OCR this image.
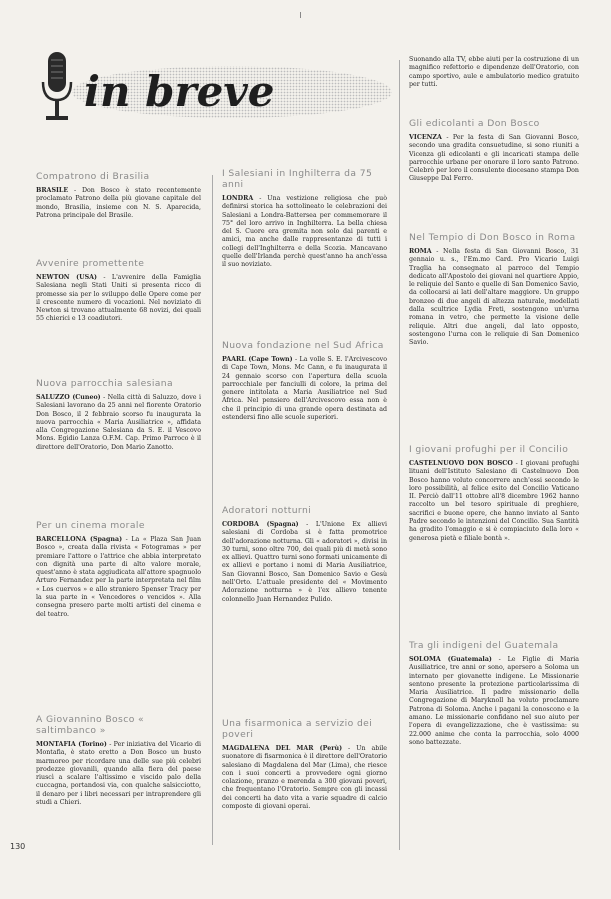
in breve
Compatrono di Brasilia

BRASILE - Don Bosco è stato recentemente proclamato Patrono della più giovane capitale del mondo, Brasilia, insieme con N. S. Aparecida, Patrona principale del Brasile.

Avvenire promettente

NEWTON (USA) - L'avvenire della Famiglia Salesiana negli Stati Uniti si presenta ricco di promesse sia per lo sviluppo delle Opere come per il crescente numero di vocazioni. Nel noviziato di Newton si trovano attualmente 68 novizi, dei quali 55 chierici e 13 coadiutori.

Nuova parrocchia salesiana

SALUZZO (Cuneo) - Nella città di Saluzzo, dove i Salesiani lavorano da 25 anni nel fiorente Oratorio Don Bosco, il 2 febbraio scorso fu inaugurata la nuova parrocchia « Maria Ausiliatrice », affidata alla Congregazione Salesiana da S. E. il Vescovo Mons. Egidio Lanza O.F.M. Cap. Primo Parroco è il direttore dell'Oratorio, Don Mario Zanotto.

Per un cinema morale

BARCELLONA (Spagna) - La « Plaza San Juan Bosco », creata dalla rivista « Fotogramas » per premiare l'attore o l'attrice che abbia interpretato con dignità una parte di alto valore morale, quest'anno è stata aggiudicata all'attore spagnuolo Arturo Fernandez per la parte interpretata nel film « Los cuervos » e allo straniero Spenser Tracy per la sua parte in « Vencedores o vencidos ». Alla consegna presero parte molti artisti del cinema e del teatro.

A Giovannino Bosco « saltimbanco »

MONTAFIA (Torino) - Per iniziativa del Vicario di Montafia, è stato eretto a Don Bosco un busto marmoreo per ricordare una delle sue più celebri prodezze giovanili, quando alla fiera del paese riuscì a scalare l'altissimo e viscido palo della cuccagna, portandosi via, con qualche salsicciotto, il denaro per i libri necessari per intraprendere gli studi a Chieri.

I Salesiani in Inghilterra da 75 anni

LONDRA - Una vestizione religiosa che può definirsi storica ha sottolineato le celebrazioni dei Salesiani a Londra-Battersea per commemorare il 75° del loro arrivo in Inghilterra. La bella chiesa del S. Cuore era gremita non solo dai parenti e amici, ma anche dalle rappresentanze di tutti i collegi dell'Inghilterra e della Scozia. Mancavano quelle dell'Irlanda perchè quest'anno ha anch'essa il suo noviziato.

Nuova fondazione nel Sud Africa

PAARL (Cape Town) - La volle S. E. l'Arcivescovo di Cape Town, Mons. Mc Cann, e fu inaugurata il 24 gennaio scorso con l'apertura della scuola parrocchiale per fanciulli di colore, la prima del genere intitolata a Maria Ausiliatrice nel Sud Africa. Nel pensiero dell'Arcivescovo essa non è che il principio di una grande opera destinata ad estendersi fino alle scuole superiori.

Adoratori notturni

CORDOBA (Spagna) - L'Unione Ex allievi salesiani di Cordoba si è fatta promotrice dell'adorazione notturna. Gli « adoratori », divisi in 30 turni, sono oltre 700, dei quali più di metà sono ex allievi. Quattro turni sono formati unicamente di ex allievi e portano i nomi di Maria Ausiliatrice, San Giovanni Bosco, San Domenico Savio e Gesù nell'Orto. L'attuale presidente del « Movimento Adorazione notturna » è l'ex allievo tenente colonnello Juan Hernandez Pulido.

Una fisarmonica a servizio dei poveri

MAGDALENA DEL MAR (Perù) - Un abile suonatore di fisarmonica è il direttore dell'Oratorio salesiano di Magdalena del Mar (Lima), che riesce con i suoi concerti a provvedere ogni giorno colazione, pranzo e merenda a 300 giovani poveri, che frequentano l'Oratorio. Sempre con gli incassi dei concerti ha dato vita a varie squadre di calcio composte di giovani operai.

Suonando alla TV, ebbe aiuti per la costruzione di un magnifico refettorio e dipendenze dell'Oratorio, con campo sportivo, aule e ambulatorio medico gratuito per tutti.

Gli edicolanti a Don Bosco

VICENZA - Per la festa di San Giovanni Bosco, secondo una gradita consuetudine, si sono riuniti a Vicenza gli edicolanti e gli incaricati stampa delle parrocchie urbane per onorare il loro santo Patrono. Celebrò per loro il consulente diocesano stampa Don Giuseppe Dal Ferro.

Nel Tempio di Don Bosco in Roma

ROMA - Nella festa di San Giovanni Bosco, 31 gennaio u. s., l'Em.mo Card. Pro Vicario Luigi Traglia ha consegnato al parroco del Tempio dedicato all'Apostolo dei giovani nel quartiere Appio, le reliquie del Santo e quelle di San Domenico Savio, da collocarsi ai lati dell'altare maggiore. Un gruppo bronzeo di due angeli di altezza naturale, modellati dalla scultrice Lydia Freti, sostengono un'urna romana in vetro, che permette la visione delle reliquie. Altri due angeli, dal lato opposto, sostengono l'urna con le reliquie di San Domenico Savio.

I giovani profughi per il Concilio

CASTELNUOVO DON BOSCO - I giovani profughi lituani dell'Istituto Salesiano di Castelnuovo Don Bosco hanno voluto concorrere anch'essi secondo le loro possibilità, al felice esito del Concilio Vaticano II. Perciò dall'11 ottobre all'8 dicembre 1962 hanno raccolto un bel tesoro spirituale di preghiere, sacrifici e buone opere, che hanno inviato al Santo Padre secondo le intenzioni del Concilio. Sua Santità ha gradito l'omaggio e si è compiaciuto della loro « generosa pietà e filiale bontà ».

Tra gli indigeni del Guatemala

SOLOMA (Guatemala) - Le Figlie di Maria Ausiliatrice, tre anni or sono, apersero a Soloma un internato per giovanette indigene. Le Missionarie sentono presente la protezione particolarissima di Maria Ausiliatrice. Il padre missionario della Congregazione di Maryknoll ha voluto proclamare Patrona di Soloma. Anche i pagani la conoscono e la amano. Le missionarie confidano nel suo aiuto per l'opera di evangelizzazione, che è vastissima: su 22.000 anime che conta la parrocchia, solo 4000 sono battezzate.

130
